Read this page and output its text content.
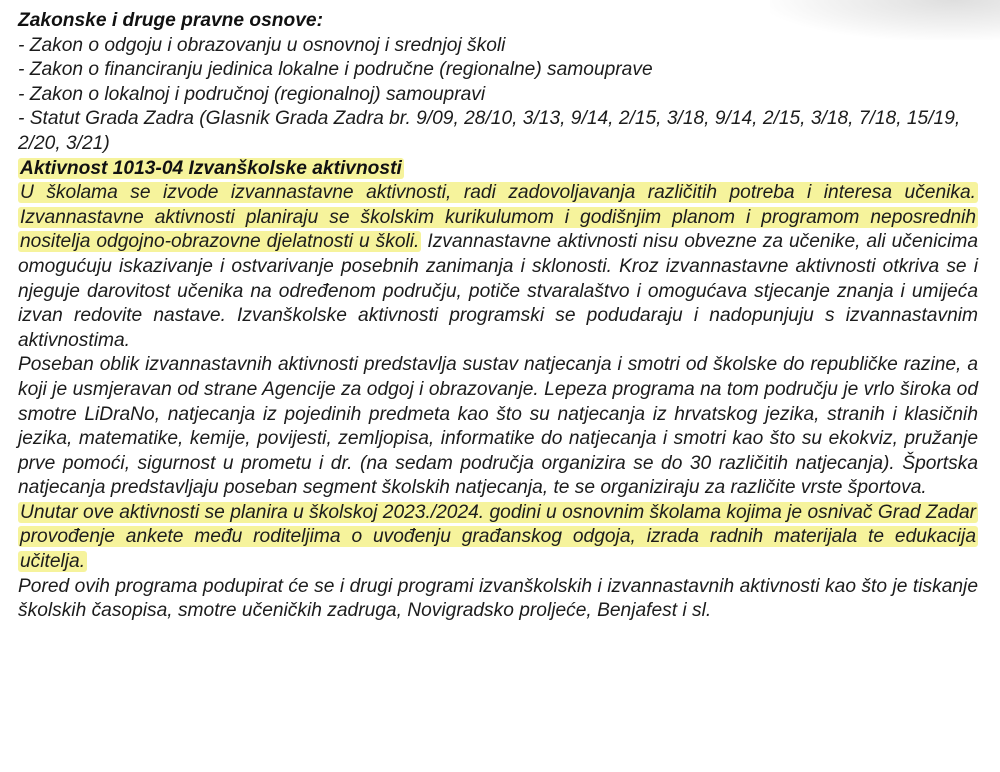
Zakonske i druge pravne osnove:

- Zakon o odgoju i obrazovanju u osnovnoj i srednjoj školi
- Zakon o financiranju jedinica lokalne i područne (regionalne) samouprave
- Zakon o lokalnoj i područnoj (regionalnoj) samoupravi
- Statut Grada Zadra (Glasnik Grada Zadra br. 9/09, 28/10, 3/13, 9/14, 2/15, 3/18, 9/14, 2/15, 3/18, 7/18, 15/19, 2/20, 3/21)

Aktivnost 1013-04 Izvanškolske aktivnosti

U školama se izvode izvannastavne aktivnosti, radi zadovoljavanja različitih potreba i interesa učenika. Izvannastavne aktivnosti planiraju se školskim kurikulumom i godišnjim planom i programom neposrednih nositelja odgojno-obrazovne djelatnosti u školi. Izvannastavne aktivnosti nisu obvezne za učenike, ali učenicima omogućuju iskazivanje i ostvarivanje posebnih zanimanja i sklonosti. Kroz izvannastavne aktivnosti otkriva se i njeguje darovitost učenika na određenom području, potiče stvaralaštvo i omogućava stjecanje znanja i umijeća izvan redovite nastave. Izvanškolske aktivnosti programski se podudaraju i nadopunjuju s izvannastavnim aktivnostima.

Poseban oblik izvannastavnih aktivnosti predstavlja sustav natjecanja i smotri od školske do republičke razine, a koji je usmjeravan od strane Agencije za odgoj i obrazovanje. Lepeza programa na tom području je vrlo široka od smotre LiDraNo, natjecanja iz pojedinih predmeta kao što su natjecanja iz hrvatskog jezika, stranih i klasičnih jezika, matematike, kemije, povijesti, zemljopisa, informatike do natjecanja i smotri kao što su ekokviz, pružanje prve pomoći, sigurnost u prometu i dr. (na sedam područja organizira se do 30 različitih natjecanja). Športska natjecanja predstavljaju poseban segment školskih natjecanja, te se organiziraju za različite vrste športova.

Unutar ove aktivnosti se planira u školskoj 2023./2024. godini u osnovnim školama kojima je osnivač Grad Zadar provođenje ankete među roditeljima o uvođenju građanskog odgoja, izrada radnih materijala te edukacija učitelja.

Pored ovih programa podupirat će se i drugi programi izvanškolskih i izvannastavnih aktivnosti kao što je tiskanje školskih časopisa, smotre učeničkih zadruga, Novigradsko proljeće, Benjafest i sl.
